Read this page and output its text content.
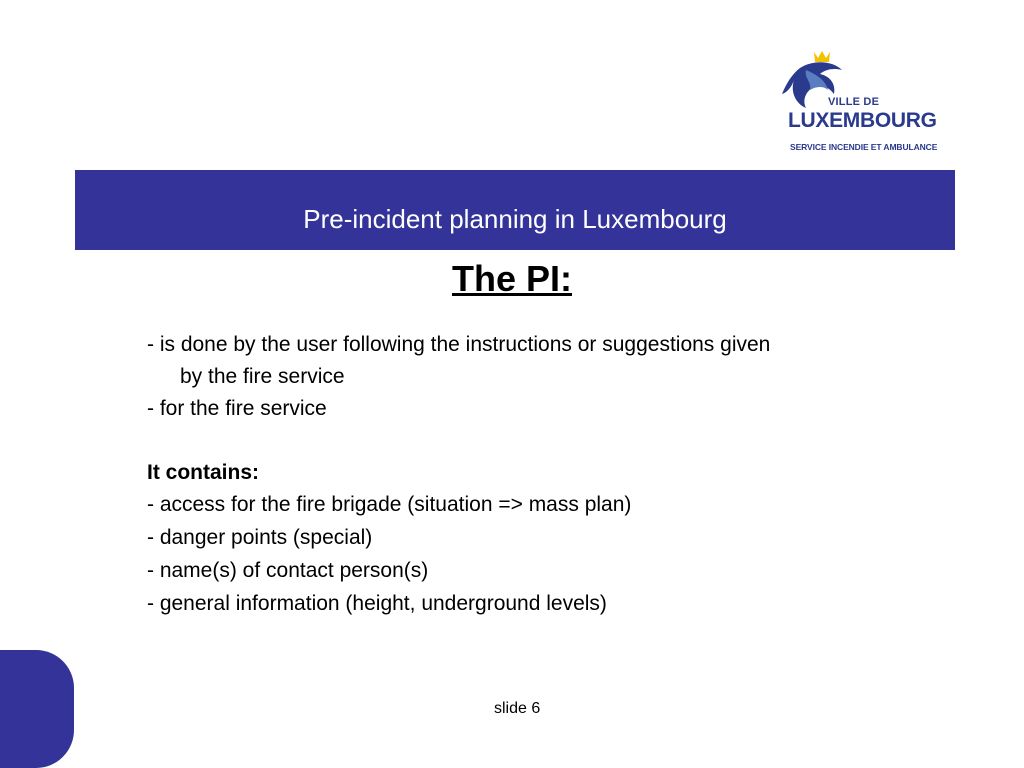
VILLE DE
LUXEMBOURG
SERVICE INCENDIE ET AMBULANCE
Pre-incident planning in Luxembourg
The PI:
- is done by the user following the instructions or suggestions given
by the fire service
- for the fire service
It contains:
- access for the fire brigade (situation => mass plan)
- danger points (special)
- name(s) of contact person(s)
- general information (height, underground levels)
slide 6
